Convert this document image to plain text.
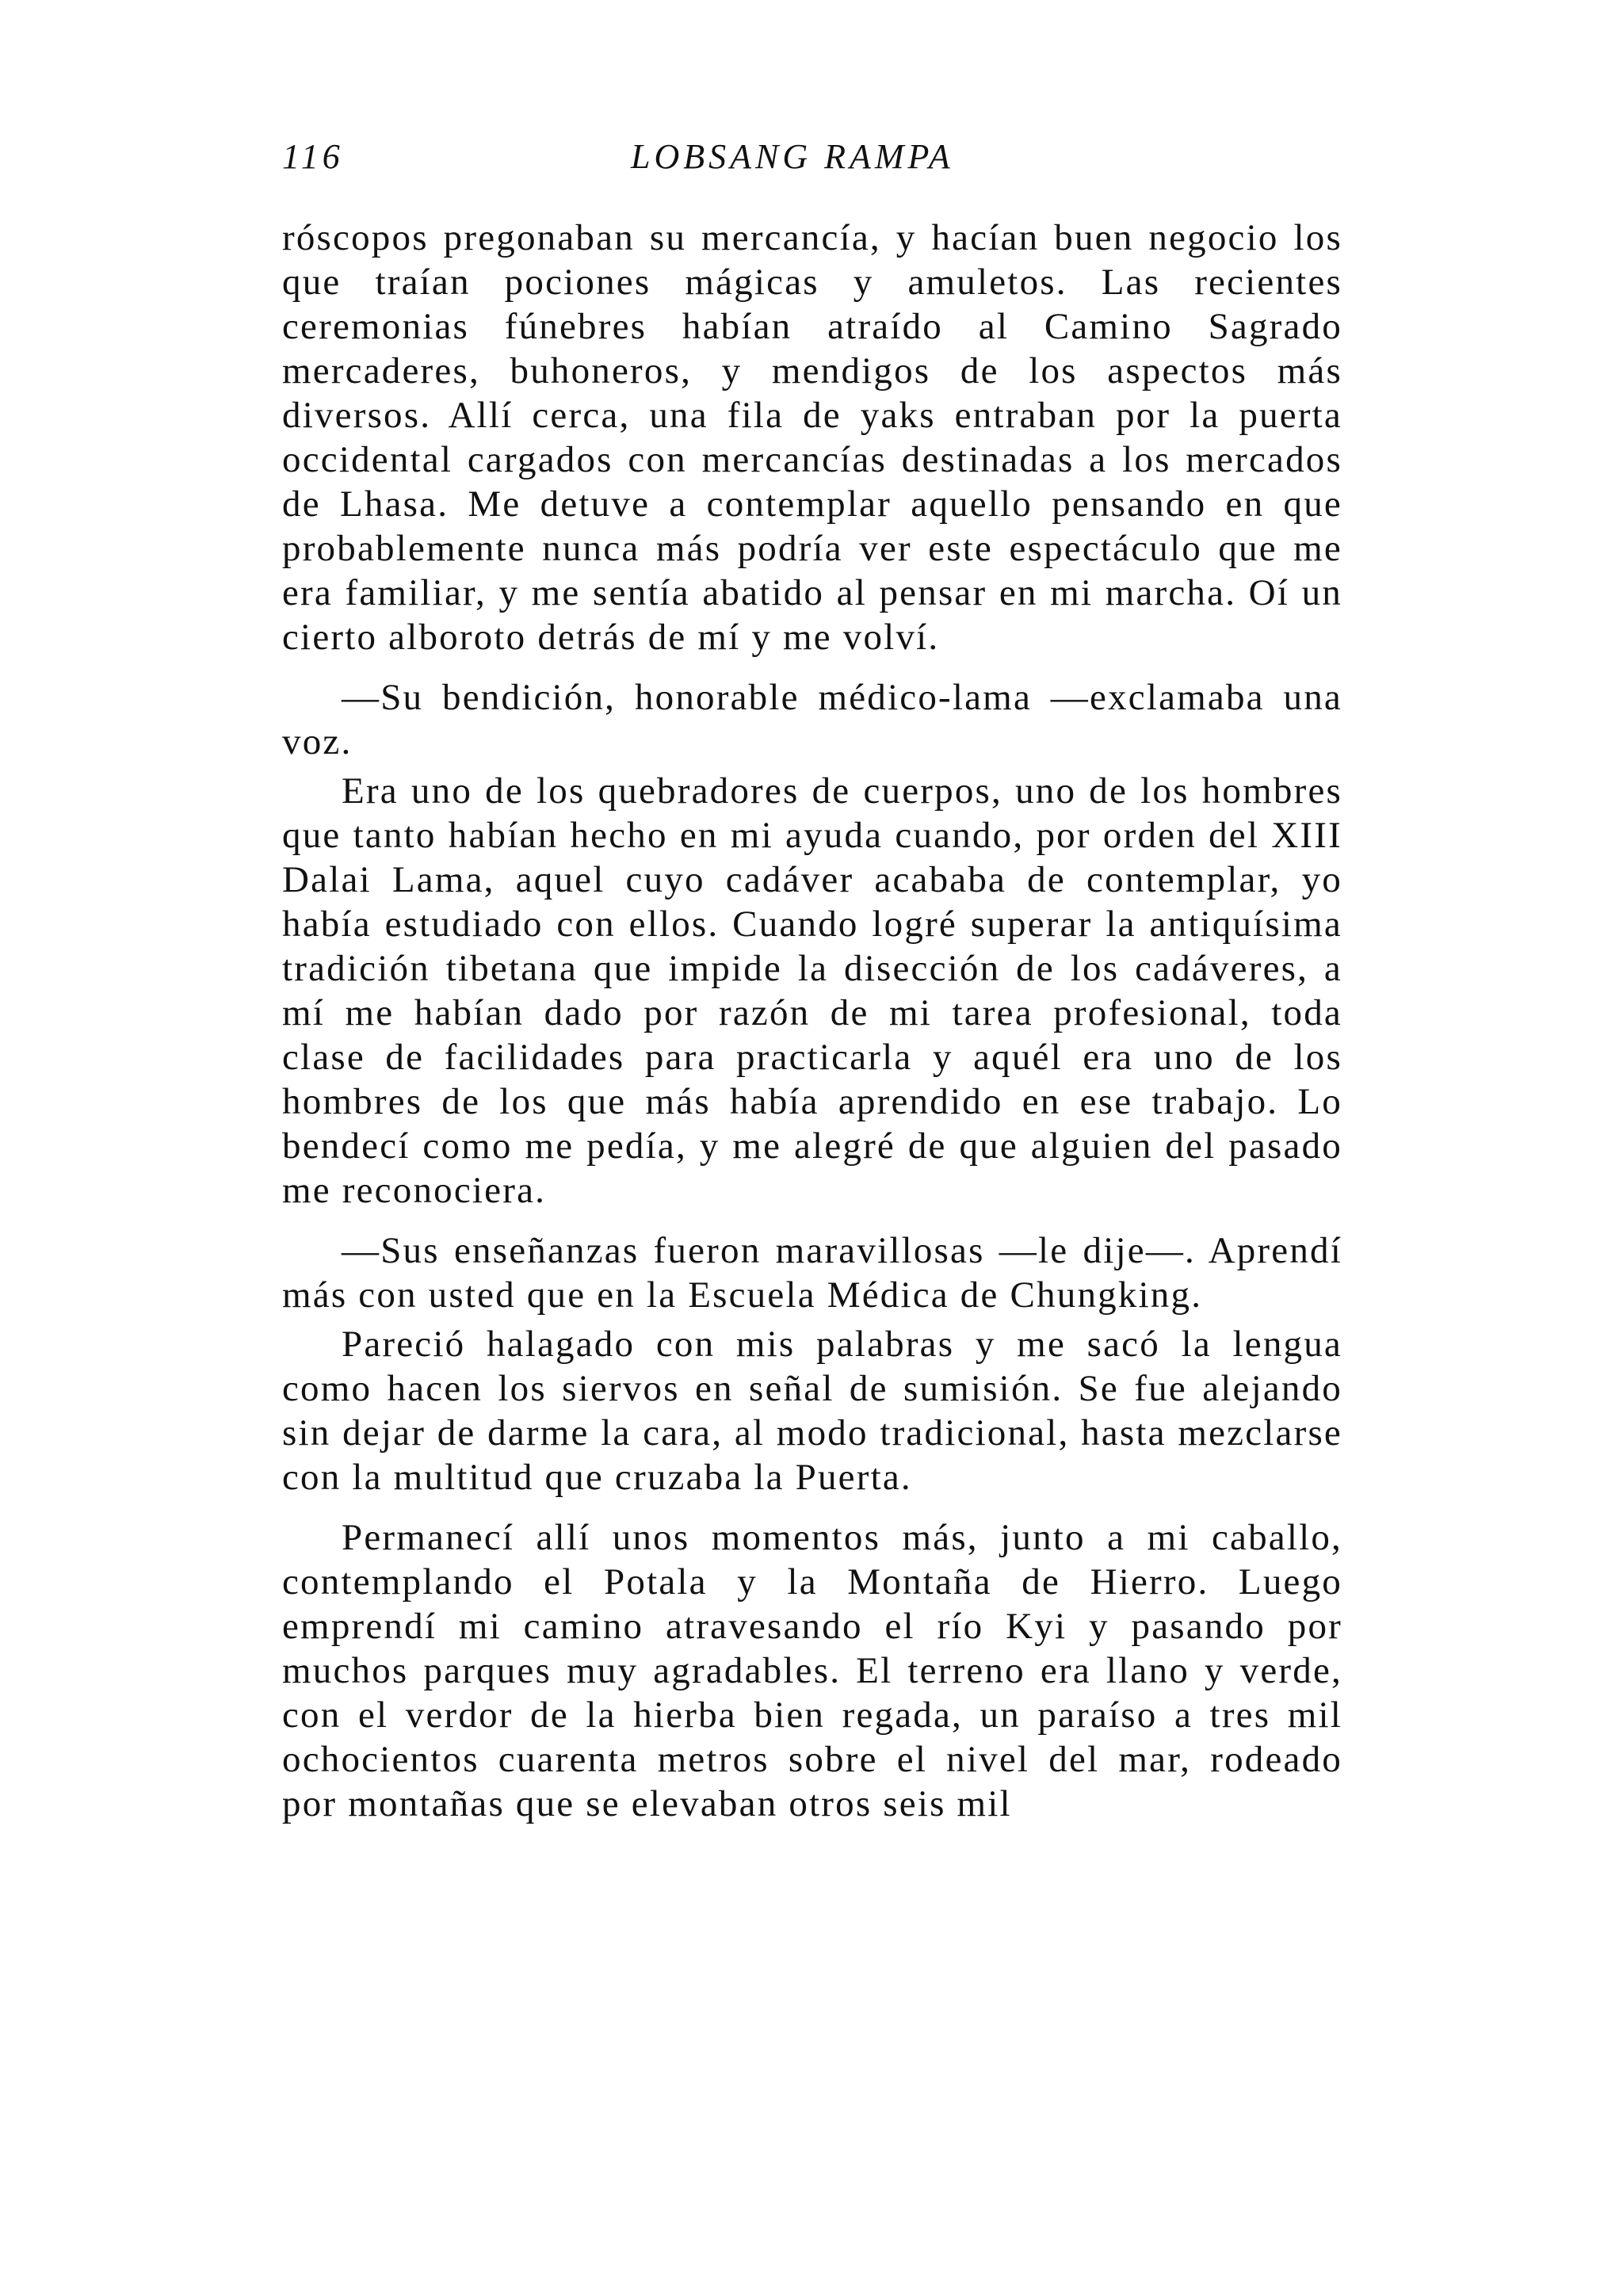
116	LOBSANG RAMPA

róscopos pregonaban su mercancía, y hacían buen negocio los que traían pociones mágicas y amuletos. Las recientes ceremonias fúnebres habían atraído al Camino Sagrado mercaderes, buhoneros, y mendigos de los aspectos más diversos. Allí cerca, una fila de yaks entraban por la puerta occidental cargados con mercancías destinadas a los mercados de Lhasa. Me detuve a contemplar aquello pensando en que probablemente nunca más podría ver este espectáculo que me era familiar, y me sentía abatido al pensar en mi marcha. Oí un cierto alboroto detrás de mí y me volví.

—Su bendición, honorable médico-lama —exclamaba una voz.

Era uno de los quebradores de cuerpos, uno de los hombres que tanto habían hecho en mi ayuda cuando, por orden del XIII Dalai Lama, aquel cuyo cadáver acababa de contemplar, yo había estudiado con ellos. Cuando logré superar la antiquísima tradición tibetana que impide la disección de los cadáveres, a mí me habían dado por razón de mi tarea profesional, toda clase de facilidades para practicarla y aquél era uno de los hombres de los que más había aprendido en ese trabajo. Lo bendecí como me pedía, y me alegré de que alguien del pasado me reconociera.

—Sus enseñanzas fueron maravillosas —le dije—. Aprendí más con usted que en la Escuela Médica de Chungking.

Pareció halagado con mis palabras y me sacó la lengua como hacen los siervos en señal de sumisión. Se fue alejando sin dejar de darme la cara, al modo tradicional, hasta mezclarse con la multitud que cruzaba la Puerta.

Permanecí allí unos momentos más, junto a mi caballo, contemplando el Potala y la Montaña de Hierro. Luego emprendí mi camino atravesando el río Kyi y pasando por muchos parques muy agradables. El terreno era llano y verde, con el verdor de la hierba bien regada, un paraíso a tres mil ochocientos cuarenta metros sobre el nivel del mar, rodeado por montañas que se elevaban otros seis mil
